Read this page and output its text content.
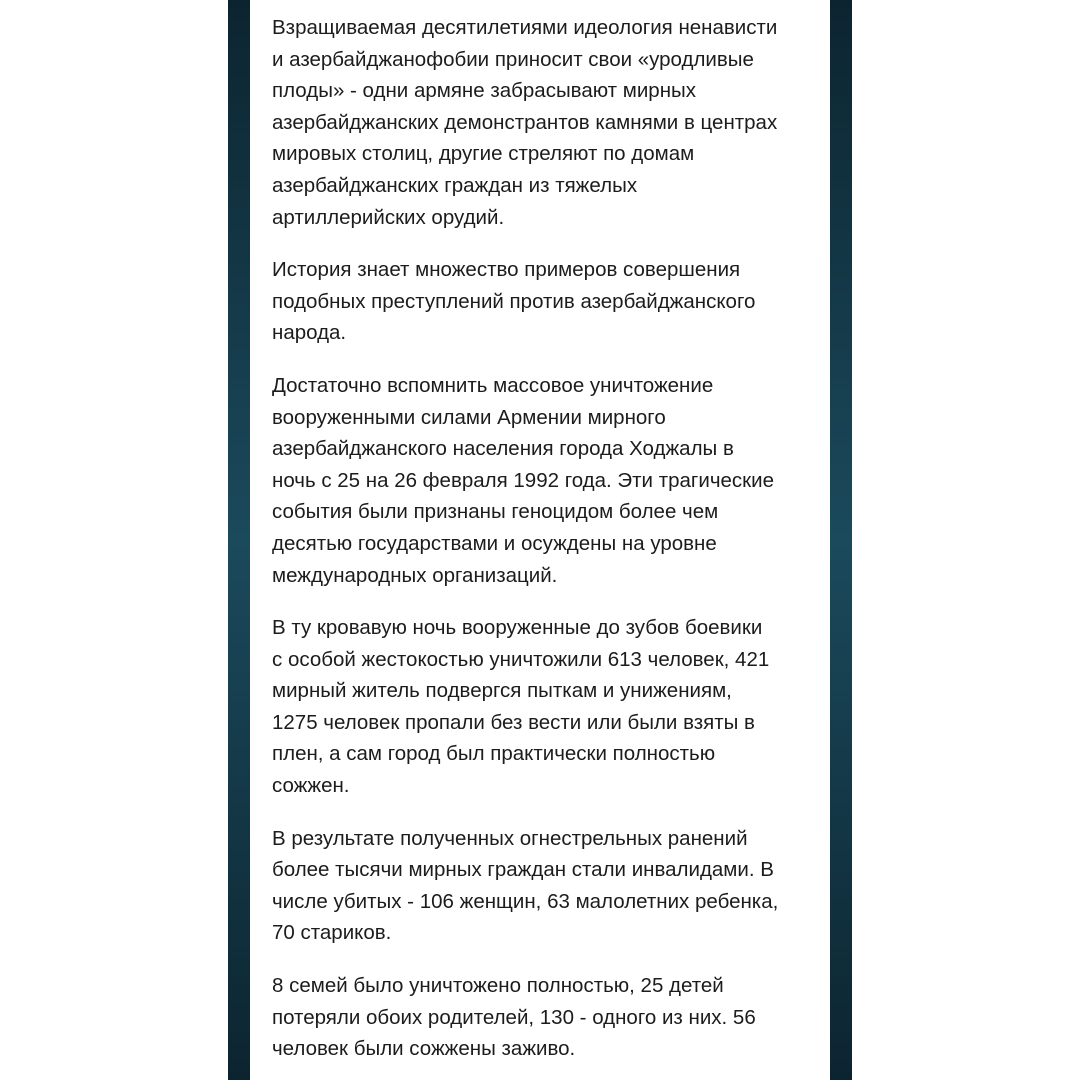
Взращиваемая десятилетиями идеология ненависти
и азербайджанофобии приносит свои «уродливые
плоды» - одни армяне забрасывают мирных
азербайджанских демонстрантов камнями в центрах
мировых столиц, другие стреляют по домам
азербайджанских граждан из тяжелых
артиллерийских орудий.

История знает множество примеров совершения
подобных преступлений против азербайджанского
народа.

Достаточно вспомнить массовое уничтожение
вооруженными силами Армении мирного
азербайджанского населения города Ходжалы в
ночь с 25 на 26 февраля 1992 года. Эти трагические
события были признаны геноцидом более чем
десятью государствами и осуждены на уровне
международных организаций.

В ту кровавую ночь вооруженные до зубов боевики
с особой жестокостью уничтожили 613 человек, 421
мирный житель подвергся пыткам и унижениям,
1275 человек пропали без вести или были взяты в
плен, а сам город был практически полностью
сожжен.

В результате полученных огнестрельных ранений
более тысячи мирных граждан стали инвалидами. В
числе убитых - 106 женщин, 63 малолетних ребенка,
70 стариков.

8 семей было уничтожено полностью, 25 детей
потеряли обоих родителей, 130 - одного из них. 56
человек были сожжены заживо.
